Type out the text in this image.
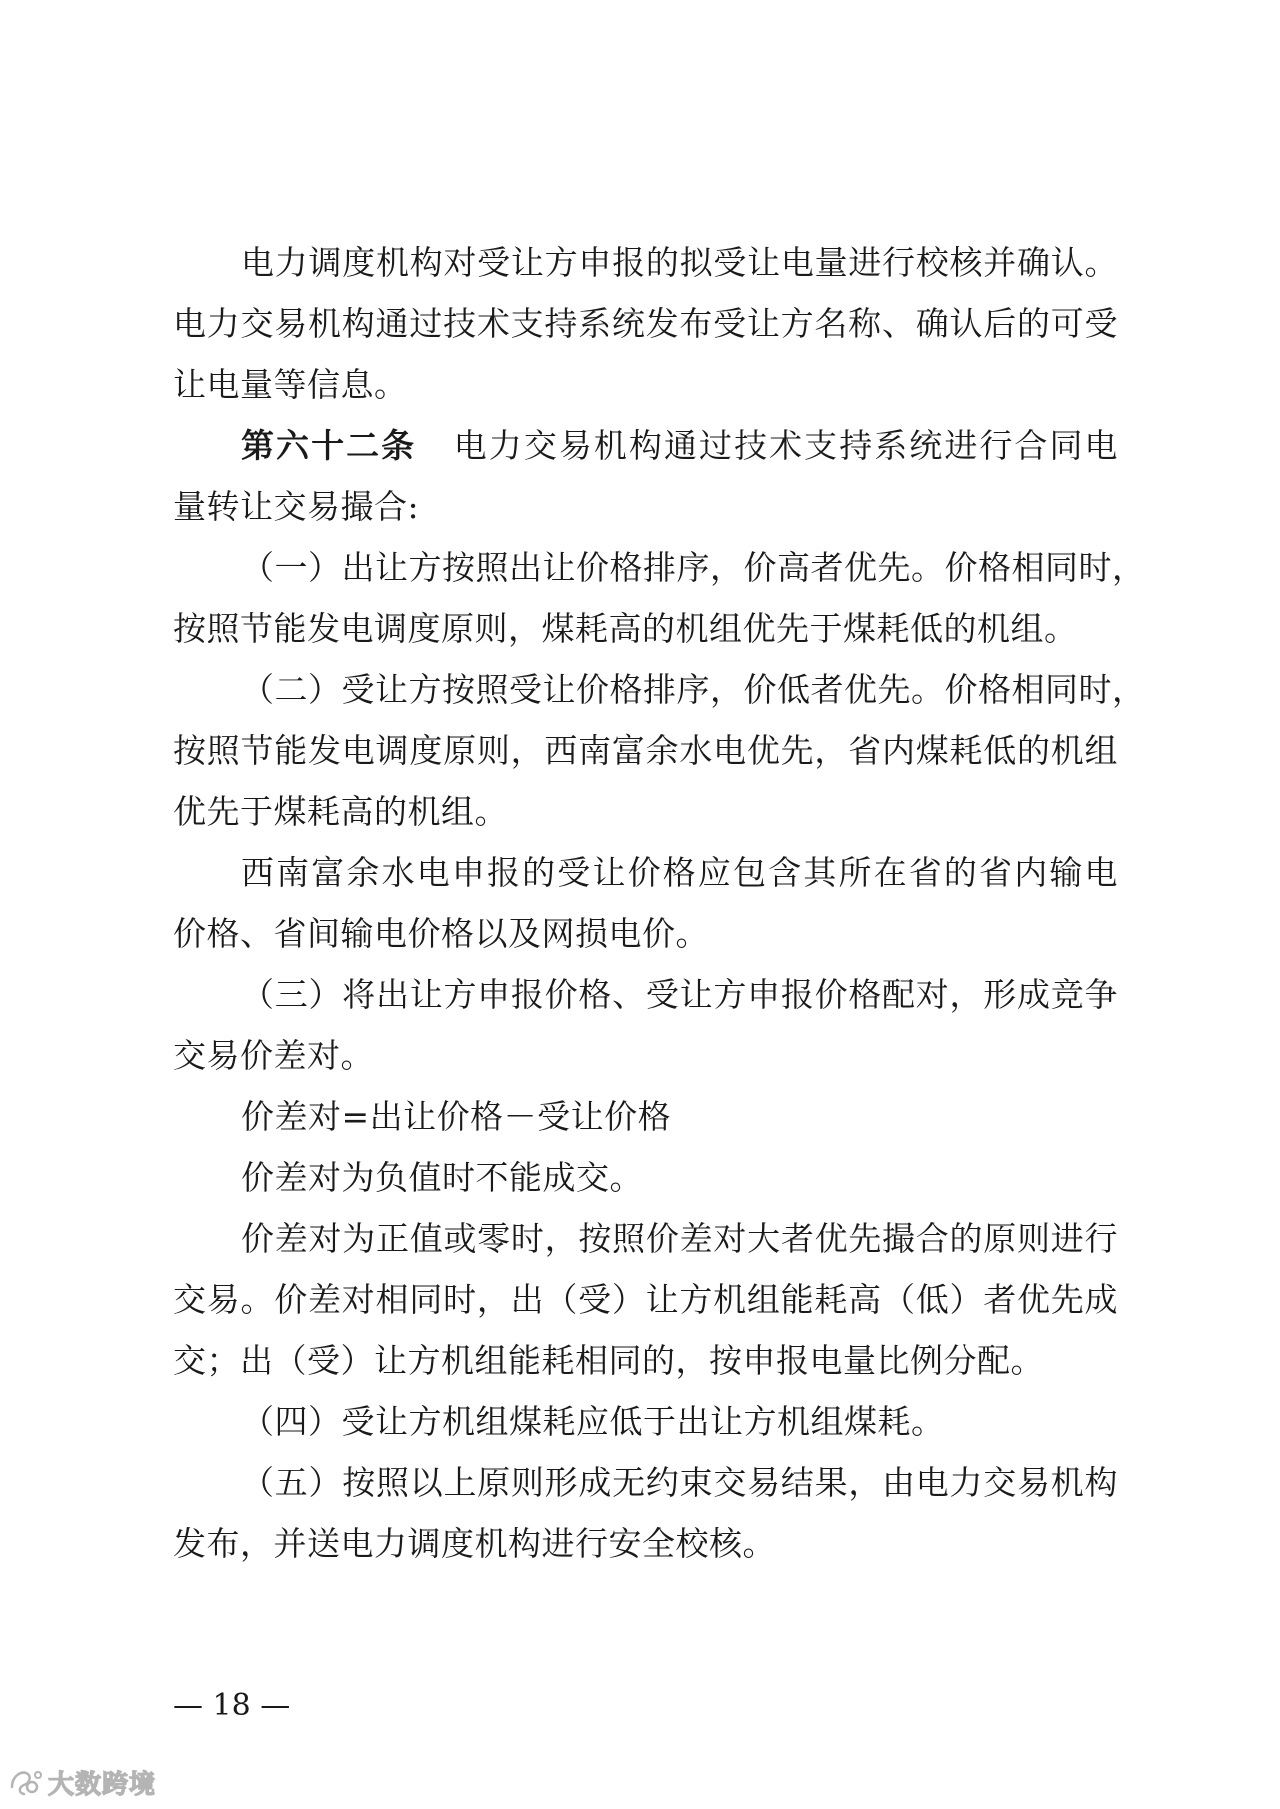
电力调度机构对受让方申报的拟受让电量进行校核并确认。
电力交易机构通过技术支持系统发布受让方名称、确认后的可受
让电量等信息。
第六十二条 电力交易机构通过技术支持系统进行合同电
量转让交易撮合:
（一）出让方按照出让价格排序，价高者优先。价格相同时，
按照节能发电调度原则，煤耗高的机组优先于煤耗低的机组。
（二）受让方按照受让价格排序，价低者优先。价格相同时，
按照节能发电调度原则，西南富余水电优先，省内煤耗低的机组
优先于煤耗高的机组。
西南富余水电申报的受让价格应包含其所在省的省内输电
价格、省间输电价格以及网损电价。
（三）将出让方申报价格、受让方申报价格配对，形成竞争
交易价差对。
价差对=出让价格－受让价格
价差对为负值时不能成交。
价差对为正值或零时，按照价差对大者优先撮合的原则进行
交易。价差对相同时，出（受）让方机组能耗高（低）者优先成
交；出（受）让方机组能耗相同的，按申报电量比例分配。
（四）受让方机组煤耗应低于出让方机组煤耗。
（五）按照以上原则形成无约束交易结果，由电力交易机构
发布，并送电力调度机构进行安全校核。
— 18 —
大数跨境
